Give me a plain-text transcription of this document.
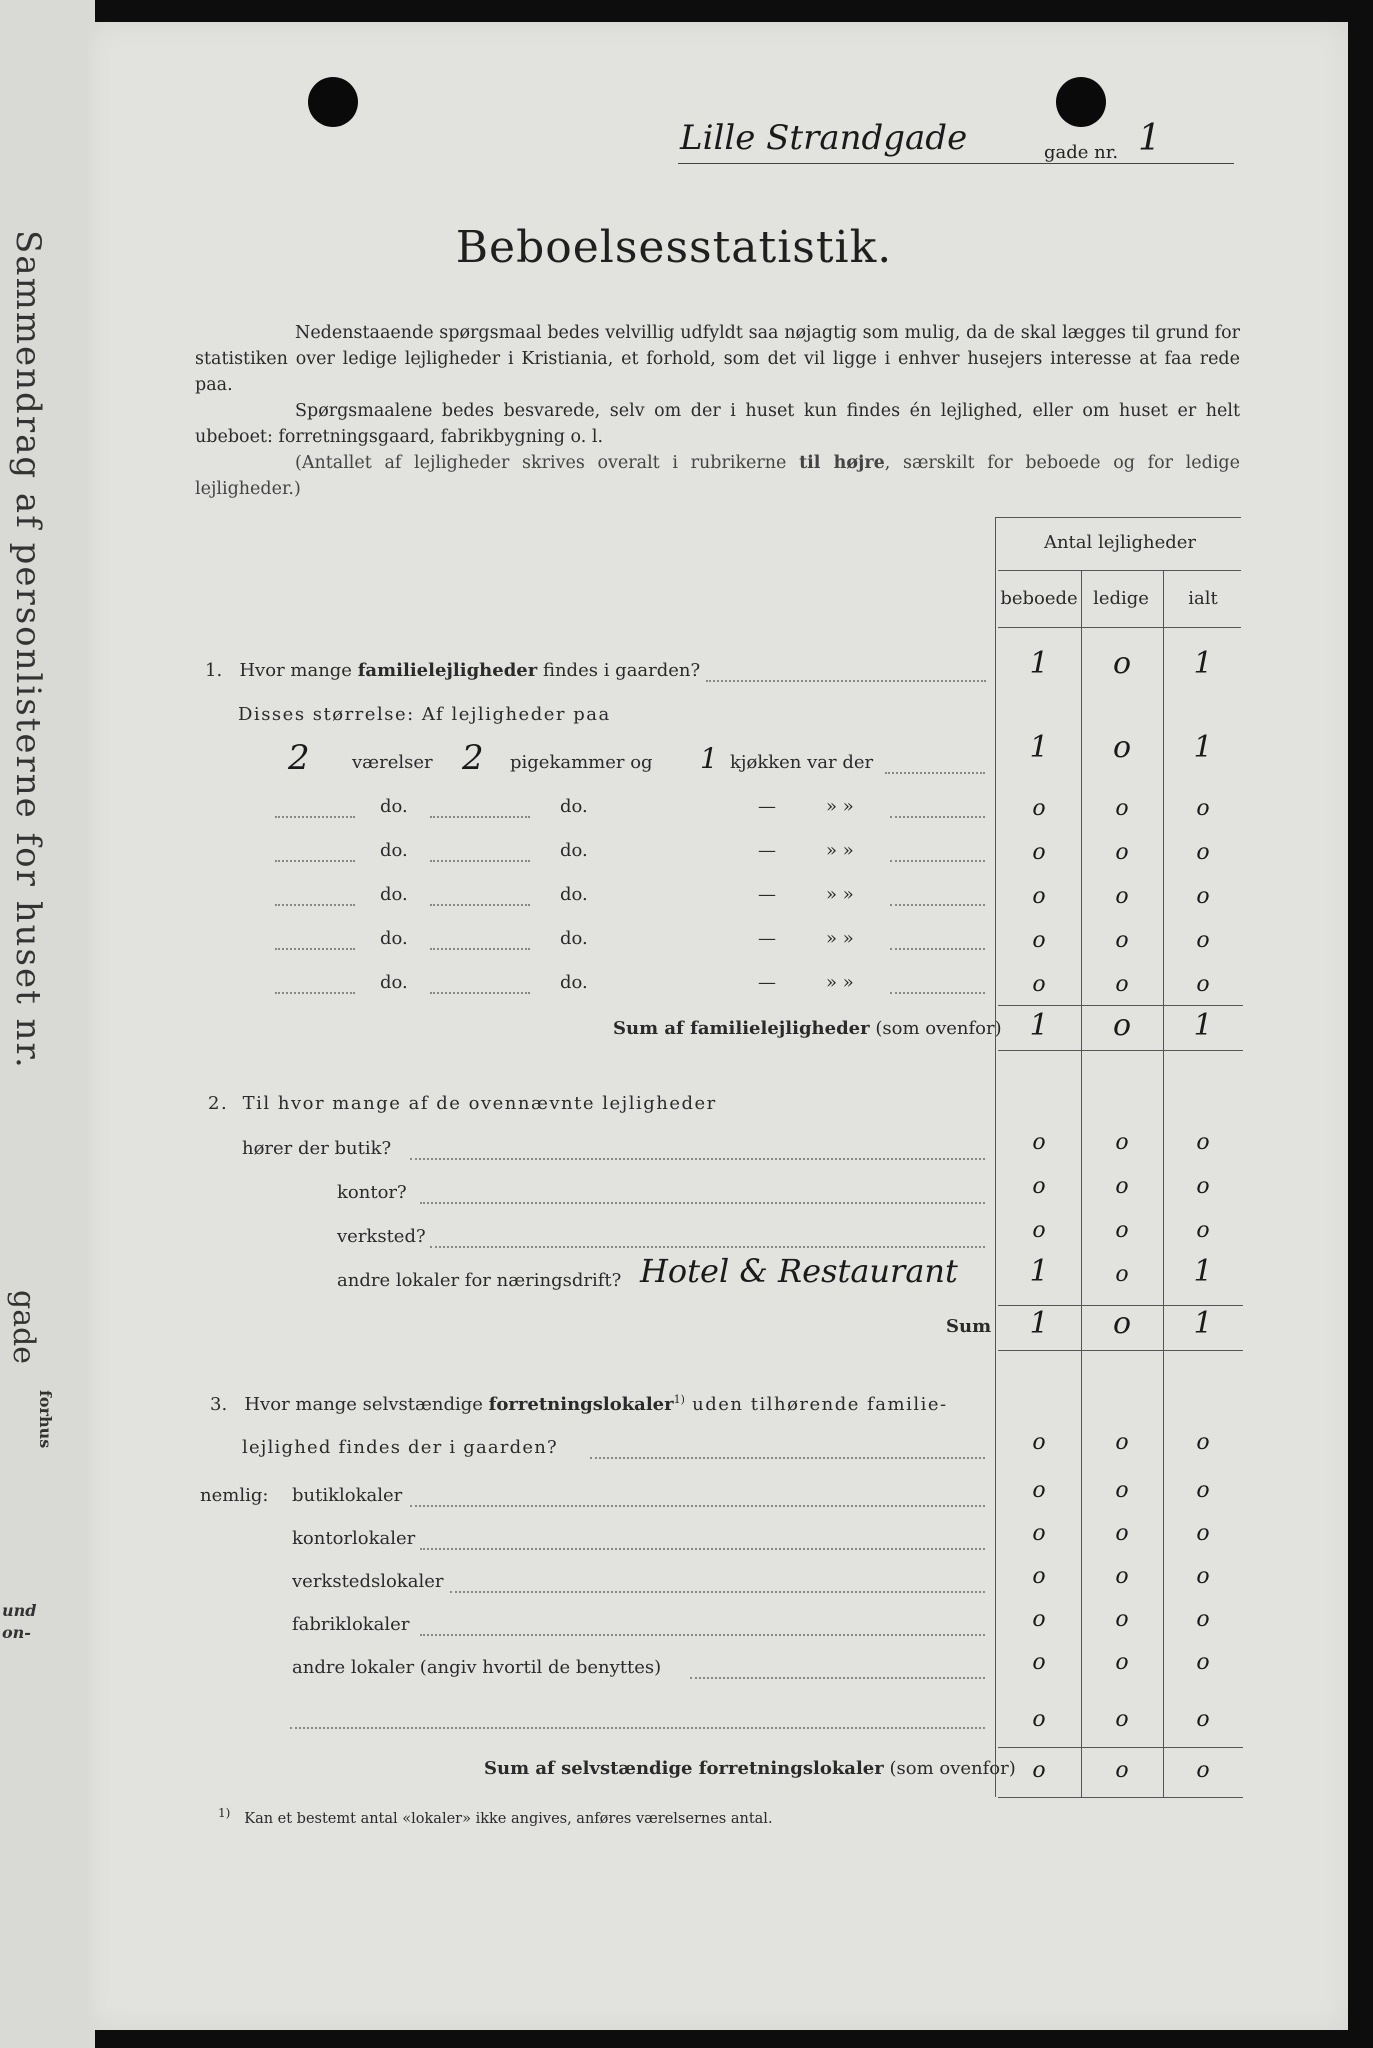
Sammendrag af personlisterne for huset nr.
gade
forhus
und
on-
Lille Strandgade	gade nr. 1
Beboelsesstatistik.
Nedenstaaende spørgsmaal bedes velvillig udfyldt saa nøjagtig som mulig, da de skal lægges til grund for statistiken over ledige lejligheder i Kristiania, et forhold, som det vil ligge i enhver husejers interesse at faa rede paa.
Spørgsmaalene bedes besvarede, selv om der i huset kun findes én lejlighed, eller om huset er helt ubeboet: forretningsgaard, fabrikbygning o. l.
(Antallet af lejligheder skrives overalt i rubrikerne til højre, særskilt for beboede og for ledige lejligheder.)
Antal lejligheder
beboede ledige	ialt
1. Hvor mange familielejligheder findes i gaarden?	1	o	1
Disses størrelse: Af lejligheder paa
2 værelser 2 pigekammer og 1 kjøkken var der	1	o	1
do.	do.	—	» »	o	o	o
do.	do.	—	» »	o	o	o
do.	do.	—	» »	o	o	o
do.	do.	—	» »	o	o	o
do.	do.	—	» »	o	o	o
Sum af familielejligheder (som ovenfor) 1	o	1
2. Til hvor mange af de ovennævnte lejligheder
hører der butik?	o	o	o
kontor?	o	o	o
verksted?	o	o	o
andre lokaler for næringsdrift? Hotel & Restaurant	1	o	1
Sum	1	o	1
3. Hvor mange selvstændige forretningslokaler$^{1)}$ uden tilhørende familie-
lejlighed findes der i gaarden?	o	o	o
nemlig: butiklokaler	o	o	o
kontorlokaler	o	o	o
verkstedslokaler	o	o	o
fabriklokaler	o	o	o
andre lokaler (angiv hvortil de benyttes)	o	o	o
o	o	o
Sum af selvstændige forretningslokaler (som ovenfor) o	o	o
$^{1)}$ Kan et bestemt antal «lokaler» ikke angives, anføres værelsernes antal.
